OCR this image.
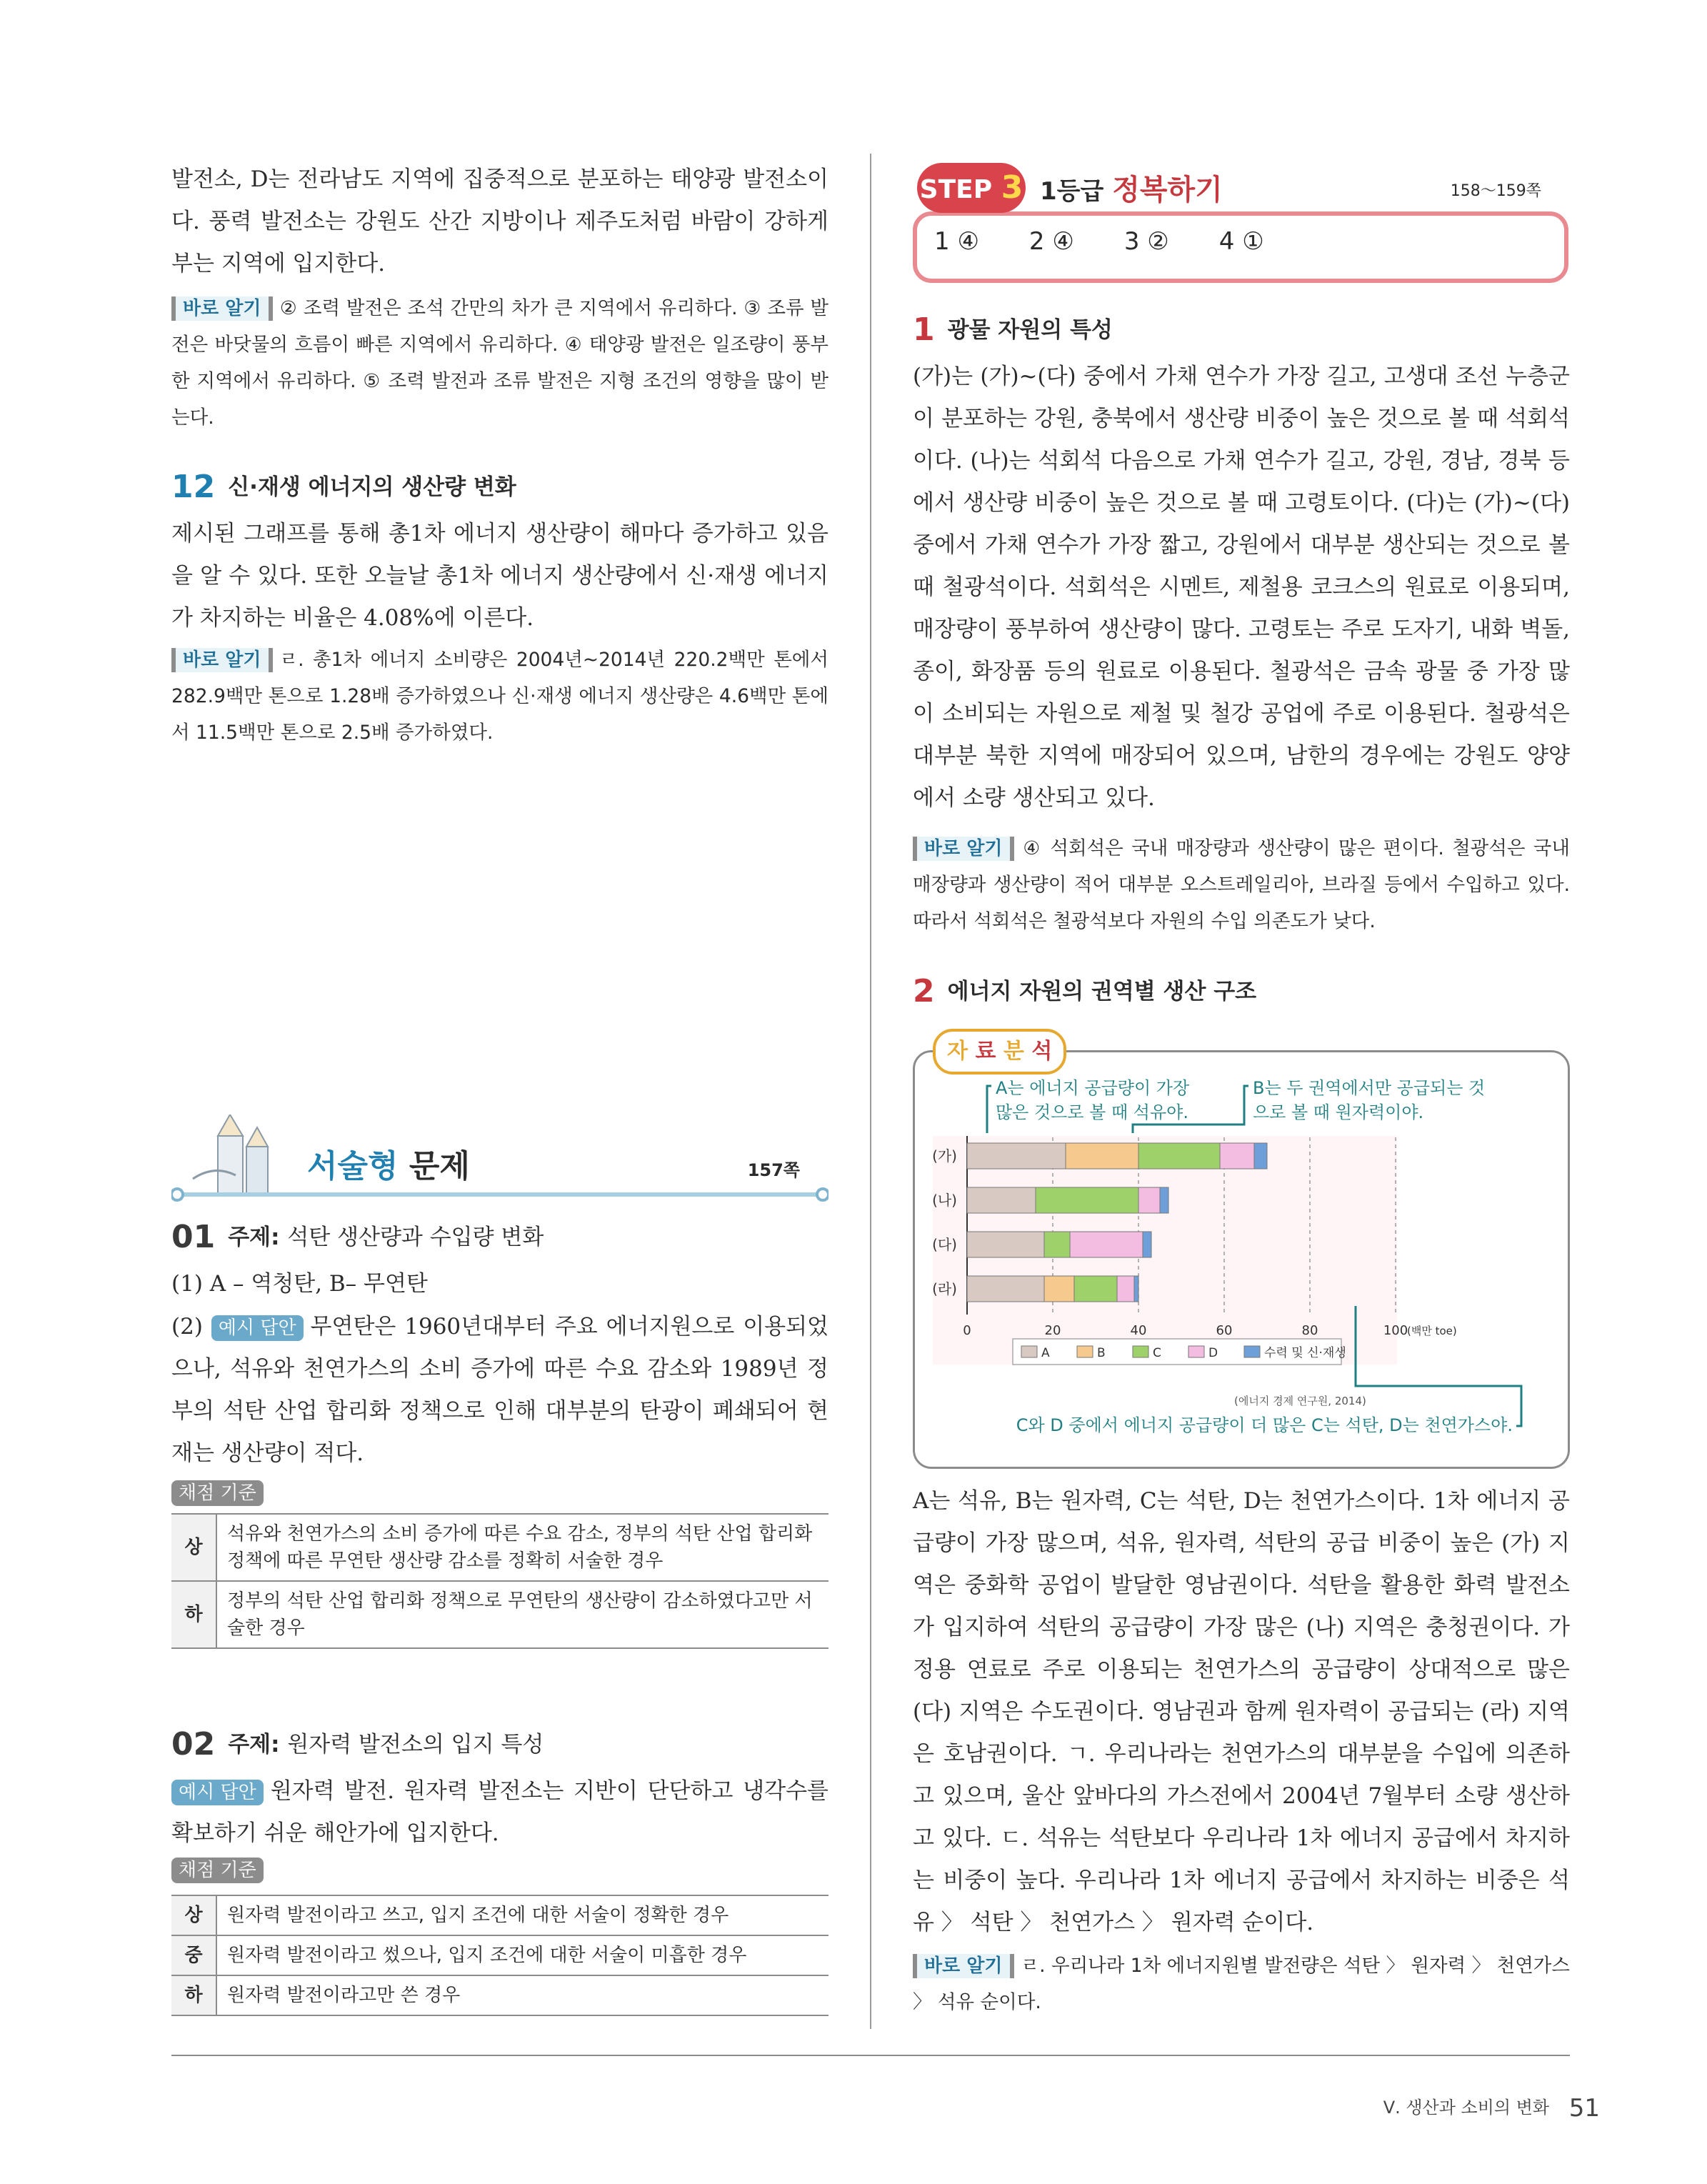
발전소, D는 전라남도 지역에 집중적으로 분포하는 태양광 발전소이다. 풍력 발전소는 강원도 산간 지방이나 제주도처럼 바람이 강하게 부는 지역에 입지한다.

바로 알기 ② 조력 발전은 조석 간만의 차가 큰 지역에서 유리하다. ③ 조류 발전은 바닷물의 흐름이 빠른 지역에서 유리하다. ④ 태양광 발전은 일조량이 풍부한 지역에서 유리하다. ⑤ 조력 발전과 조류 발전은 지형 조건의 영향을 많이 받는다.

12 신·재생 에너지의 생산량 변화

제시된 그래프를 통해 총1차 에너지 생산량이 해마다 증가하고 있음을 알 수 있다. 또한 오늘날 총1차 에너지 생산량에서 신·재생 에너지가 차지하는 비율은 4.08%에 이른다.

바로 알기 ㄹ. 총1차 에너지 소비량은 2004년~2014년 220.2백만 톤에서 282.9백만 톤으로 1.28배 증가하였으나 신·재생 에너지 생산량은 4.6백만 톤에서 11.5백만 톤으로 2.5배 증가하였다.

서술형 문제	157쪽
01 주제: 석탄 생산량과 수입량 변화

(1) A – 역청탄, B– 무연탄

(2) 예시 답안 무연탄은 1960년대부터 주요 에너지원으로 이용되었으나, 석유와 천연가스의 소비 증가에 따른 수요 감소와 1989년 정부의 석탄 산업 합리화 정책으로 인해 대부분의 탄광이 폐쇄되어 현재는 생산량이 적다.

채점 기준
상	석유와 천연가스의 소비 증가에 따른 수요 감소, 정부의 석탄 산업 합리화 정책에 따른 무연탄 생산량 감소를 정확히 서술한 경우
하	정부의 석탄 산업 합리화 정책으로 무연탄의 생산량이 감소하였다고만 서술한 경우
02 주제: 원자력 발전소의 입지 특성

예시 답안 원자력 발전. 원자력 발전소는 지반이 단단하고 냉각수를 확보하기 쉬운 해안가에 입지한다.

채점 기준
상	원자력 발전이라고 쓰고, 입지 조건에 대한 서술이 정확한 경우
중	원자력 발전이라고 썼으나, 입지 조건에 대한 서술이 미흡한 경우
하	원자력 발전이라고만 쓴 경우
STEP 3 1등급 정복하기	158～159쪽
1 ④ 2 ④ 3 ② 4 ①
1 광물 자원의 특성

(가)는 (가)~(다) 중에서 가채 연수가 가장 길고, 고생대 조선 누층군이 분포하는 강원, 충북에서 생산량 비중이 높은 것으로 볼 때 석회석이다. (나)는 석회석 다음으로 가채 연수가 길고, 강원, 경남, 경북 등에서 생산량 비중이 높은 것으로 볼 때 고령토이다. (다)는 (가)~(다) 중에서 가채 연수가 가장 짧고, 강원에서 대부분 생산되는 것으로 볼 때 철광석이다. 석회석은 시멘트, 제철용 코크스의 원료로 이용되며, 매장량이 풍부하여 생산량이 많다. 고령토는 주로 도자기, 내화 벽돌, 종이, 화장품 등의 원료로 이용된다. 철광석은 금속 광물 중 가장 많이 소비되는 자원으로 제철 및 철강 공업에 주로 이용된다. 철광석은 대부분 북한 지역에 매장되어 있으며, 남한의 경우에는 강원도 양양에서 소량 생산되고 있다.

바로 알기 ④ 석회석은 국내 매장량과 생산량이 많은 편이다. 철광석은 국내 매장량과 생산량이 적어 대부분 오스트레일리아, 브라질 등에서 수입하고 있다. 따라서 석회석은 철광석보다 자원의 수입 의존도가 낮다.

2 에너지 자원의 권역별 생산 구조
자 료 분 석
A는 에너지 공급량이 가장 많은 것으로 볼 때 석유야.
B는 두 권역에서만 공급되는 것으로 볼 때 원자력이야.
C와 D 중에서 에너지 공급량이 더 많은 C는 석탄, D는 천연가스야.
0	20	40	60	80	100
(백만 toe)
(가)
(나)
(다)
(라)
A	B	C	D	수력 및 신·재생
(에너지 경제 연구원, 2014)

A는 석유, B는 원자력, C는 석탄, D는 천연가스이다. 1차 에너지 공급량이 가장 많으며, 석유, 원자력, 석탄의 공급 비중이 높은 (가) 지역은 중화학 공업이 발달한 영남권이다. 석탄을 활용한 화력 발전소가 입지하여 석탄의 공급량이 가장 많은 (나) 지역은 충청권이다. 가정용 연료로 주로 이용되는 천연가스의 공급량이 상대적으로 많은 (다) 지역은 수도권이다. 영남권과 함께 원자력이 공급되는 (라) 지역은 호남권이다. ㄱ. 우리나라는 천연가스의 대부분을 수입에 의존하고 있으며, 울산 앞바다의 가스전에서 2004년 7월부터 소량 생산하고 있다. ㄷ. 석유는 석탄보다 우리나라 1차 에너지 공급에서 차지하는 비중이 높다. 우리나라 1차 에너지 공급에서 차지하는 비중은 석유 〉 석탄 〉 천연가스 〉 원자력 순이다.

바로 알기 ㄹ. 우리나라 1차 에너지원별 발전량은 석탄 〉 원자력 〉 천연가스 〉 석유 순이다.

Ⅴ. 생산과 소비의 변화 51
